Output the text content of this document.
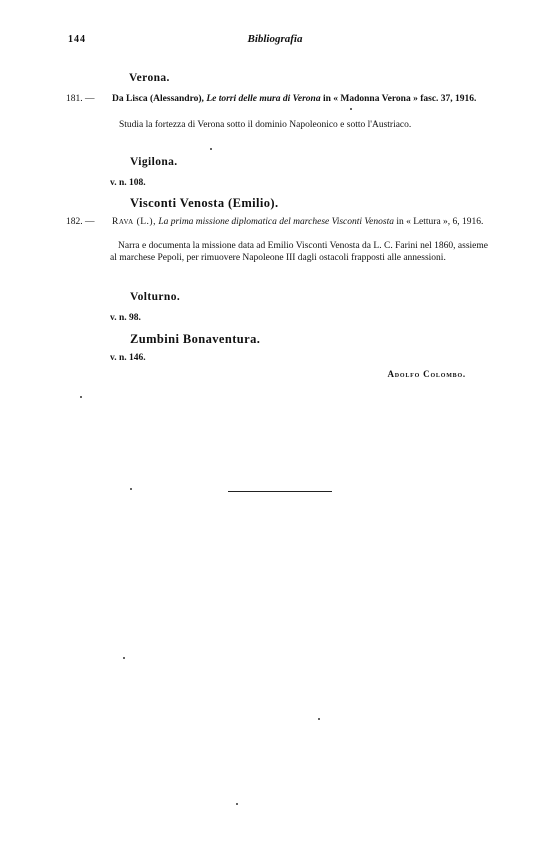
144	Bibliografia
Verona.
181. — Da Lisca (Alessandro), Le torri delle mura di Verona in « Madonna Verona » fasc. 37, 1916.
Studia la fortezza di Verona sotto il dominio Napoleonico e sotto l'Austriaco.
Vigilona.
v. n. 108.
Visconti Venosta (Emilio).
182. — Rava (L.), La prima missione diplomatica del marchese Visconti Venosta in « Lettura », 6, 1916.
Narra e documenta la missione data ad Emilio Visconti Venosta da L. C. Farini nel 1860, assieme al marchese Pepoli, per rimuovere Napoleone III dagli ostacoli frapposti alle annessioni.
Volturno.
v. n. 98.
Zumbini Bonaventura.
v. n. 146.
Adolfo Colombo.
